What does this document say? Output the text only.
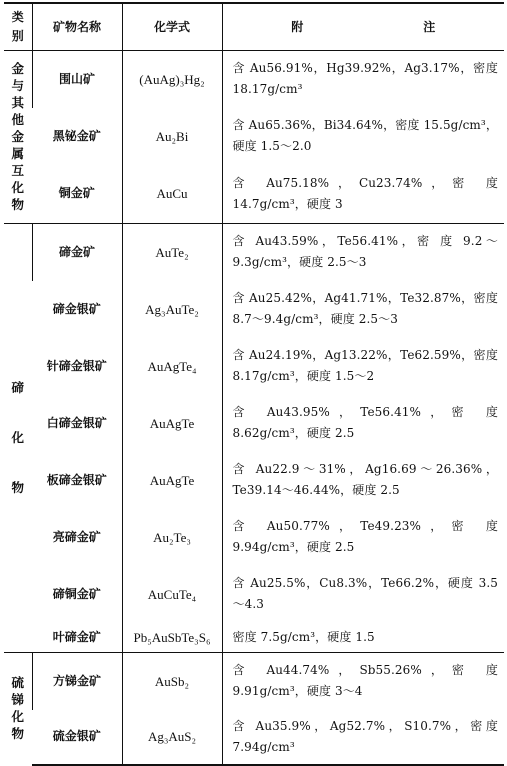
类别	矿物名称	化学式	附 注
金与其他金属互化物	围山矿	(AuAg)₃Hg₂	含 Au56.91%，Hg39.92%，Ag3.17%，密度 18.17g/cm³
	黑铋金矿	Au₂Bi	含 Au65.36%，Bi34.64%，密度 15.5g/cm³，硬度 1.5～2.0
	铜金矿	AuCu	含 Au75.18%，Cu23.74%，密 度 14.7g/cm³，硬度 3
碲化物	碲金矿	AuTe₂	含 Au43.59%，Te56.41%，密 度 9.2～9.3g/cm³，硬度 2.5～3
	碲金银矿	Ag₃AuTe₂	含 Au25.42%，Ag41.71%，Te32.87%，密度 8.7～9.4g/cm³，硬度 2.5～3
	针碲金银矿	AuAgTe₄	含 Au24.19%，Ag13.22%，Te62.59%，密度 8.17g/cm³，硬度 1.5～2
	白碲金银矿	AuAgTe	含 Au43.95%，Te56.41%，密 度 8.62g/cm³，硬度 2.5
	板碲金银矿	AuAgTe	含 Au22.9～31%，Ag16.69～26.36%，Te39.14～46.44%，硬度 2.5
	亮碲金矿	Au₂Te₃	含 Au50.77%，Te49.23%，密 度 9.94g/cm³，硬度 2.5
	碲铜金矿	AuCuTe₄	含 Au25.5%，Cu8.3%，Te66.2%，硬度 3.5～4.3
	叶碲金矿	Pb₅AuSbTe₃S₆	密度 7.5g/cm³，硬度 1.5
硫锑化物	方锑金矿	AuSb₂	含 Au44.74%，Sb55.26%，密 度 9.91g/cm³，硬度 3～4
	硫金银矿	Ag₃AuS₂	含 Au35.9%，Ag52.7%，S10.7%，密度 7.94g/cm³
